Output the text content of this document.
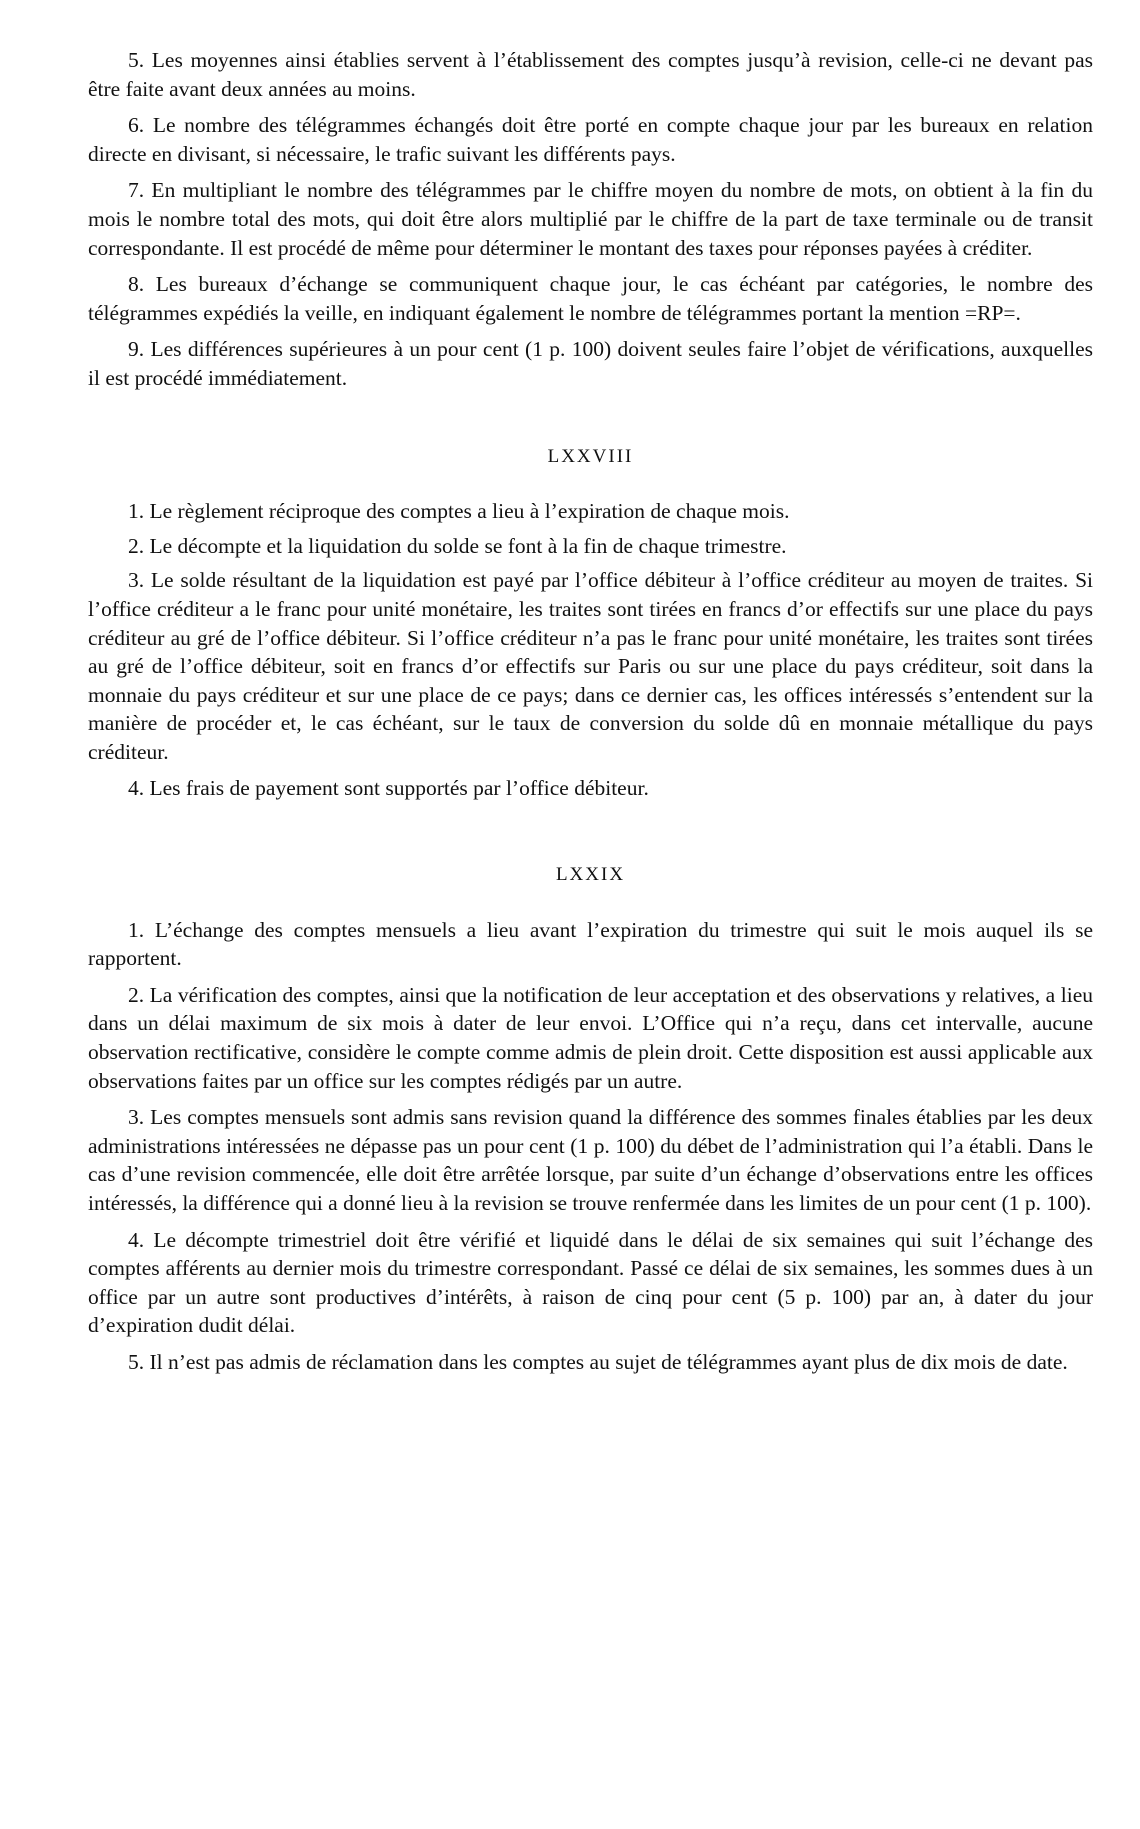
5. Les moyennes ainsi établies servent à l’établissement des comptes jusqu’à revision, celle-ci ne devant pas être faite avant deux années au moins.

6. Le nombre des télégrammes échangés doit être porté en compte chaque jour par les bureaux en relation directe en divisant, si nécessaire, le trafic suivant les différents pays.

7. En multipliant le nombre des télégrammes par le chiffre moyen du nombre de mots, on obtient à la fin du mois le nombre total des mots, qui doit être alors multiplié par le chiffre de la part de taxe terminale ou de transit correspondante. Il est procédé de même pour déterminer le montant des taxes pour réponses payées à créditer.

8. Les bureaux d’échange se communiquent chaque jour, le cas échéant par catégories, le nombre des télégrammes expédiés la veille, en indiquant également le nombre de télégrammes portant la mention =RP=.

9. Les différences supérieures à un pour cent (1 p. 100) doivent seules faire l’objet de vérifications, auxquelles il est procédé immédiatement.

LXXVIII

1. Le règlement réciproque des comptes a lieu à l’expiration de chaque mois.

2. Le décompte et la liquidation du solde se font à la fin de chaque trimestre.

3. Le solde résultant de la liquidation est payé par l’office débiteur à l’office créditeur au moyen de traites. Si l’office créditeur a le franc pour unité monétaire, les traites sont tirées en francs d’or effectifs sur une place du pays créditeur au gré de l’office débiteur. Si l’office créditeur n’a pas le franc pour unité monétaire, les traites sont tirées au gré de l’office débiteur, soit en francs d’or effectifs sur Paris ou sur une place du pays créditeur, soit dans la monnaie du pays créditeur et sur une place de ce pays; dans ce dernier cas, les offices intéressés s’entendent sur la manière de procéder et, le cas échéant, sur le taux de conversion du solde dû en monnaie métallique du pays créditeur.

4. Les frais de payement sont supportés par l’office débiteur.

LXXIX

1. L’échange des comptes mensuels a lieu avant l’expiration du trimestre qui suit le mois auquel ils se rapportent.

2. La vérification des comptes, ainsi que la notification de leur acceptation et des observations y relatives, a lieu dans un délai maximum de six mois à dater de leur envoi. L’Office qui n’a reçu, dans cet intervalle, aucune observation rectificative, considère le compte comme admis de plein droit. Cette disposition est aussi applicable aux observations faites par un office sur les comptes rédigés par un autre.

3. Les comptes mensuels sont admis sans revision quand la différence des sommes finales établies par les deux administrations intéressées ne dépasse pas un pour cent (1 p. 100) du débet de l’administration qui l’a établi. Dans le cas d’une revision commencée, elle doit être arrêtée lorsque, par suite d’un échange d’observations entre les offices intéressés, la différence qui a donné lieu à la revision se trouve renfermée dans les limites de un pour cent (1 p. 100).

4. Le décompte trimestriel doit être vérifié et liquidé dans le délai de six semaines qui suit l’échange des comptes afférents au dernier mois du trimestre correspondant. Passé ce délai de six semaines, les sommes dues à un office par un autre sont productives d’intérêts, à raison de cinq pour cent (5 p. 100) par an, à dater du jour d’expiration dudit délai.

5. Il n’est pas admis de réclamation dans les comptes au sujet de télégrammes ayant plus de dix mois de date.
